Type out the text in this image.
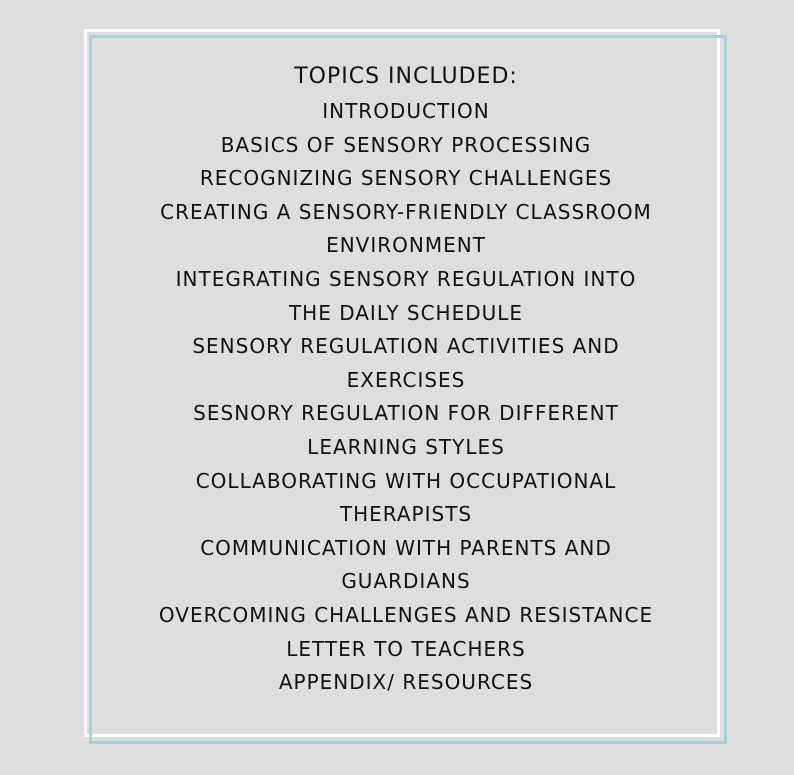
TOPICS INCLUDED:
INTRODUCTION
BASICS OF SENSORY PROCESSING
RECOGNIZING SENSORY CHALLENGES
CREATING A SENSORY-FRIENDLY CLASSROOM
ENVIRONMENT
INTEGRATING SENSORY REGULATION INTO
THE DAILY SCHEDULE
SENSORY REGULATION ACTIVITIES AND
EXERCISES
SESNORY REGULATION FOR DIFFERENT
LEARNING STYLES
COLLABORATING WITH OCCUPATIONAL
THERAPISTS
COMMUNICATION WITH PARENTS AND
GUARDIANS
OVERCOMING CHALLENGES AND RESISTANCE
LETTER TO TEACHERS
APPENDIX/ RESOURCES
